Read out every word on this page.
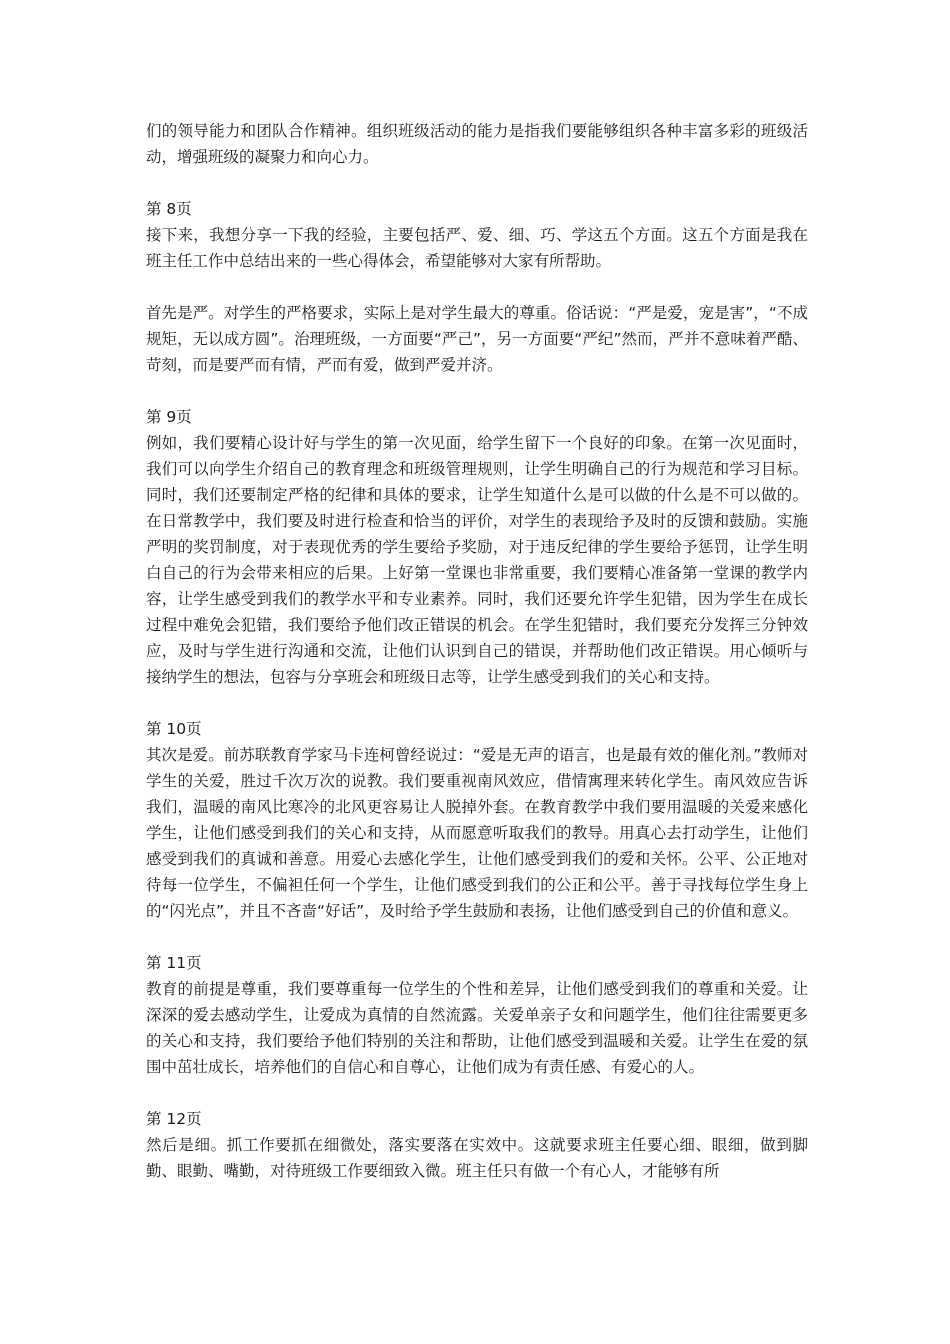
们的领导能力和团队合作精神。组织班级活动的能力是指我们要能够组织各种丰富多彩的班级活动，增强班级的凝聚力和向心力。

第 8页

接下来，我想分享一下我的经验，主要包括严、爱、细、巧、学这五个方面。这五个方面是我在班主任工作中总结出来的一些心得体会，希望能够对大家有所帮助。

首先是严。对学生的严格要求，实际上是对学生最大的尊重。俗话说：“严是爱，宠是害”，“不成规矩，无以成方圆”。治理班级，一方面要“严己”，另一方面要“严纪”然而，严并不意味着严酷、苛刻，而是要严而有情，严而有爱，做到严爱并济。

第 9页

例如，我们要精心设计好与学生的第一次见面，给学生留下一个良好的印象。在第一次见面时，我们可以向学生介绍自己的教育理念和班级管理规则，让学生明确自己的行为规范和学习目标。同时，我们还要制定严格的纪律和具体的要求，让学生知道什么是可以做的什么是不可以做的。在日常教学中，我们要及时进行检查和恰当的评价，对学生的表现给予及时的反馈和鼓励。实施严明的奖罚制度，对于表现优秀的学生要给予奖励，对于违反纪律的学生要给予惩罚，让学生明白自己的行为会带来相应的后果。上好第一堂课也非常重要，我们要精心准备第一堂课的教学内容，让学生感受到我们的教学水平和专业素养。同时，我们还要允许学生犯错，因为学生在成长过程中难免会犯错，我们要给予他们改正错误的机会。在学生犯错时，我们要充分发挥三分钟效应，及时与学生进行沟通和交流，让他们认识到自己的错误，并帮助他们改正错误。用心倾听与接纳学生的想法，包容与分享班会和班级日志等，让学生感受到我们的关心和支持。

第 10页

其次是爱。前苏联教育学家马卡连柯曾经说过：“爱是无声的语言，也是最有效的催化剂。”教师对学生的关爱，胜过千次万次的说教。我们要重视南风效应，借情寓理来转化学生。南风效应告诉我们，温暖的南风比寒冷的北风更容易让人脱掉外套。在教育教学中我们要用温暖的关爱来感化学生，让他们感受到我们的关心和支持，从而愿意听取我们的教导。用真心去打动学生，让他们感受到我们的真诚和善意。用爱心去感化学生，让他们感受到我们的爱和关怀。公平、公正地对待每一位学生，不偏袒任何一个学生，让他们感受到我们的公正和公平。善于寻找每位学生身上的“闪光点”，并且不吝啬“好话”，及时给予学生鼓励和表扬，让他们感受到自己的价值和意义。

第 11页

教育的前提是尊重，我们要尊重每一位学生的个性和差异，让他们感受到我们的尊重和关爱。让深深的爱去感动学生，让爱成为真情的自然流露。关爱单亲子女和问题学生，他们往往需要更多的关心和支持，我们要给予他们特别的关注和帮助，让他们感受到温暖和关爱。让学生在爱的氛围中茁壮成长，培养他们的自信心和自尊心，让他们成为有责任感、有爱心的人。

第 12页

然后是细。抓工作要抓在细微处，落实要落在实效中。这就要求班主任要心细、眼细，做到脚勤、眼勤、嘴勤，对待班级工作要细致入微。班主任只有做一个有心人，才能够有所
